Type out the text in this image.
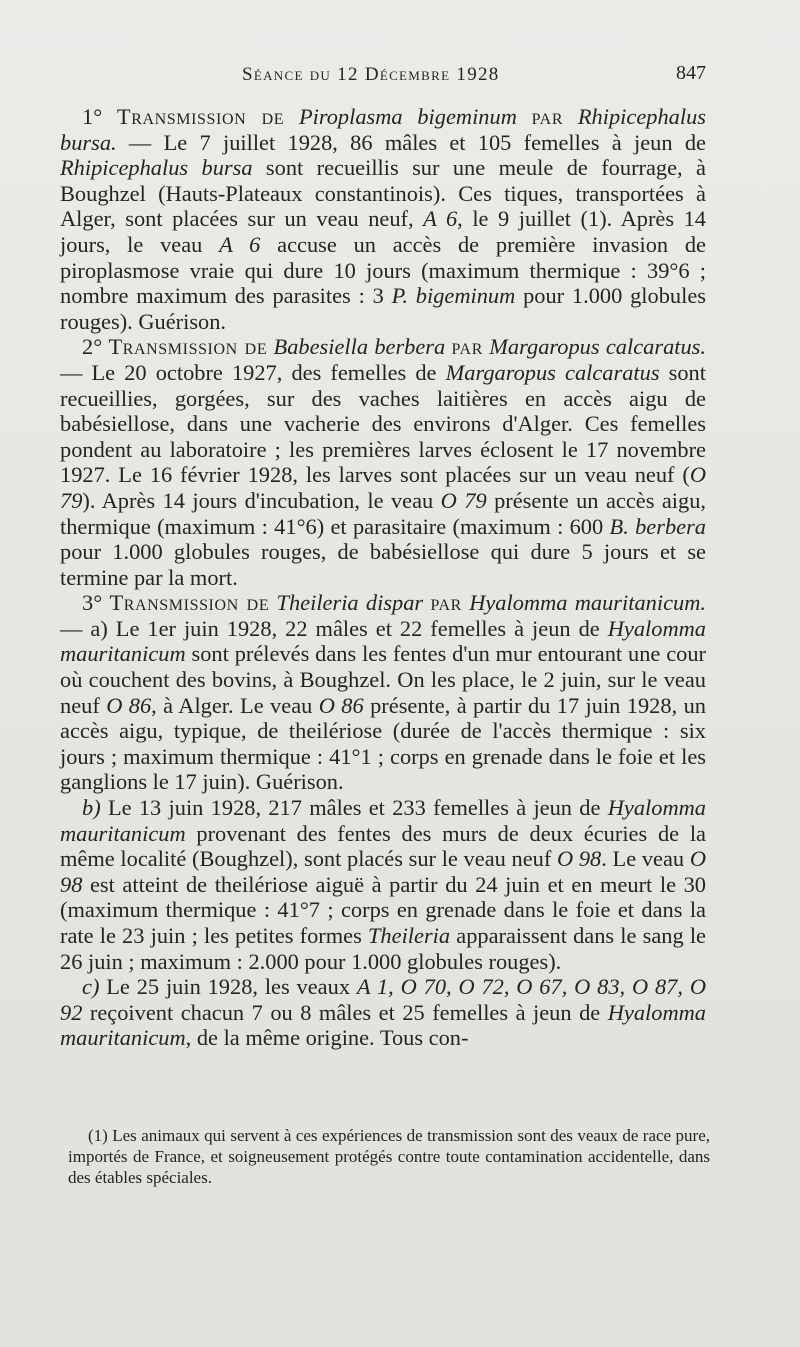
Séance du 12 Décembre 1928	847

1° Transmission de Piroplasma bigeminum par Rhipicephalus bursa. — Le 7 juillet 1928, 86 mâles et 105 femelles à jeun de Rhipicephalus bursa sont recueillis sur une meule de fourrage, à Boughzel (Hauts-Plateaux constantinois). Ces tiques, transportées à Alger, sont placées sur un veau neuf, A 6, le 9 juillet (1). Après 14 jours, le veau A 6 accuse un accès de première invasion de piroplasmose vraie qui dure 10 jours (maximum thermique : 39°6 ; nombre maximum des parasites : 3 P. bigeminum pour 1.000 globules rouges). Guérison.

2° Transmission de Babesiella berbera par Margaropus calcaratus. — Le 20 octobre 1927, des femelles de Margaropus calcaratus sont recueillies, gorgées, sur des vaches laitières en accès aigu de babésiellose, dans une vacherie des environs d'Alger. Ces femelles pondent au laboratoire ; les premières larves éclosent le 17 novembre 1927. Le 16 février 1928, les larves sont placées sur un veau neuf (O 79). Après 14 jours d'incubation, le veau O 79 présente un accès aigu, thermique (maximum : 41°6) et parasitaire (maximum : 600 B. berbera pour 1.000 globules rouges, de babésiellose qui dure 5 jours et se termine par la mort.

3° Transmission de Theileria dispar par Hyalomma mauritanicum. — a) Le 1er juin 1928, 22 mâles et 22 femelles à jeun de Hyalomma mauritanicum sont prélevés dans les fentes d'un mur entourant une cour où couchent des bovins, à Boughzel. On les place, le 2 juin, sur le veau neuf O 86, à Alger. Le veau O 86 présente, à partir du 17 juin 1928, un accès aigu, typique, de theilériose (durée de l'accès thermique : six jours ; maximum thermique : 41°1 ; corps en grenade dans le foie et les ganglions le 17 juin). Guérison.

b) Le 13 juin 1928, 217 mâles et 233 femelles à jeun de Hyalomma mauritanicum provenant des fentes des murs de deux écuries de la même localité (Boughzel), sont placés sur le veau neuf O 98. Le veau O 98 est atteint de theilériose aiguë à partir du 24 juin et en meurt le 30 (maximum thermique : 41°7 ; corps en grenade dans le foie et dans la rate le 23 juin ; les petites formes Theileria apparaissent dans le sang le 26 juin ; maximum : 2.000 pour 1.000 globules rouges).

c) Le 25 juin 1928, les veaux A 1, O 70, O 72, O 67, O 83, O 87, O 92 reçoivent chacun 7 ou 8 mâles et 25 femelles à jeun de Hyalomma mauritanicum, de la même origine. Tous con-

(1) Les animaux qui servent à ces expériences de transmission sont des veaux de race pure, importés de France, et soigneusement protégés contre toute contamination accidentelle, dans des étables spéciales.
